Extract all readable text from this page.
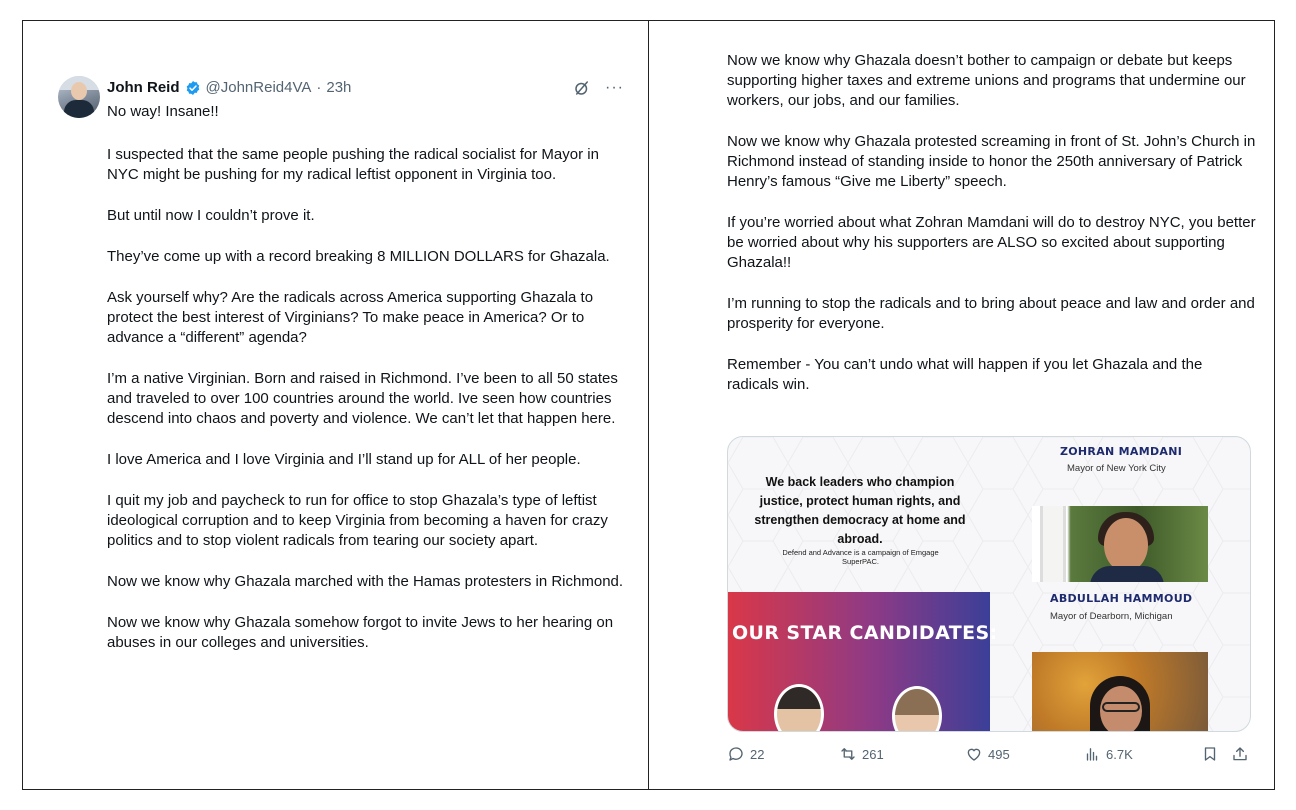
John Reid @JohnReid4VA · 23h	···
No way! Insane!!

I suspected that the same people pushing the radical socialist for Mayor in NYC might be pushing for my radical leftist opponent in Virginia too.

But until now I couldn’t prove it.

They’ve come up with a record breaking 8 MILLION DOLLARS for Ghazala.

Ask yourself why? Are the radicals across America supporting Ghazala to protect the best interest of Virginians? To make peace in America? Or to advance a “different” agenda?

I’m a native Virginian. Born and raised in Richmond. I’ve been to all 50 states and traveled to over 100 countries around the world. Ive seen how countries descend into chaos and poverty and violence. We can’t let that happen here.

I love America and I love Virginia and I’ll stand up for ALL of her people.

I quit my job and paycheck to run for office to stop Ghazala’s type of leftist ideological corruption and to keep Virginia from becoming a haven for crazy politics and to stop violent radicals from tearing our society apart.

Now we know why Ghazala marched with the Hamas protesters in Richmond.

Now we know why Ghazala somehow forgot to invite Jews to her hearing on abuses in our colleges and universities.

Now we know why Ghazala doesn’t bother to campaign or debate but keeps supporting higher taxes and extreme unions and programs that undermine our workers, our jobs, and our families.

Now we know why Ghazala protested screaming in front of St. John’s Church in Richmond instead of standing inside to honor the 250th anniversary of Patrick Henry’s famous “Give me Liberty” speech.

If you’re worried about what Zohran Mamdani will do to destroy NYC, you better be worried about why his supporters are ALSO so excited about supporting Ghazala!!

I’m running to stop the radicals and to bring about peace and law and order and prosperity for everyone.

Remember - You can’t undo what will happen if you let Ghazala and the radicals win.

We back leaders who champion justice, protect human rights, and strengthen democracy at home and abroad.
Defend and Advance is a campaign of Emgage SuperPAC.
OUR STAR CANDIDATES:
ZOHRAN MAMDANI
Mayor of New York City
ABDULLAH HAMMOUD
Mayor of Dearborn, Michigan
22	261	495	6.7K
